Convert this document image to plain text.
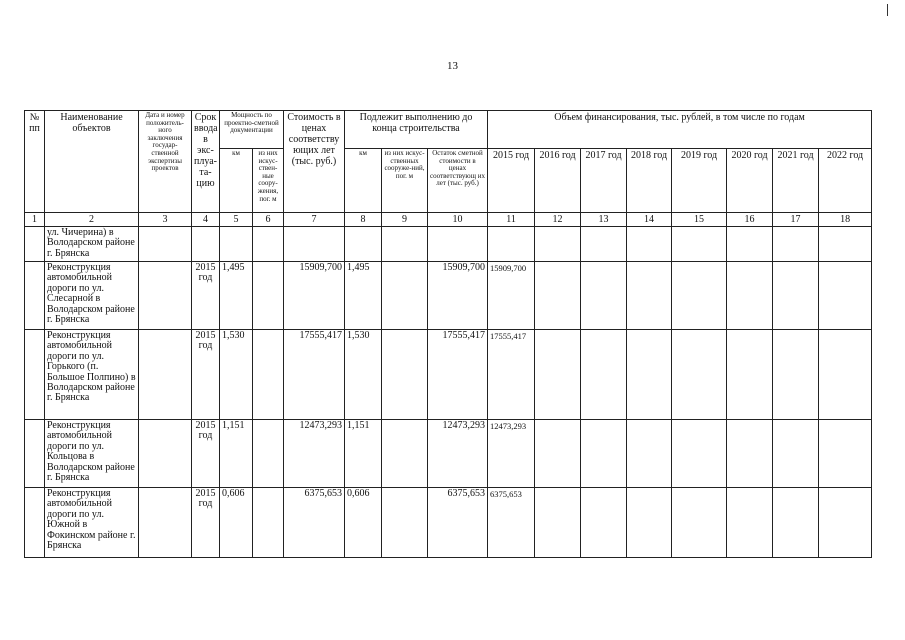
13
№ пп	Наименование объектов	Дата и номер положитель-ного заключения государ-ственной экспертизы проектов	Срок ввода в экс-плуа-та-цию	Мощность по проектно-сметной документации		Стоимость в ценах соответству ющих лет (тыс. руб.)	Подлежит выполнению до конца строительства			Объем финансирования, тыс. рублей, в том числе по годам							
				км	из них искус-ствен-ные соору-жения, пог. м		км	из них искус-ственных сооруже-ний, пог. м	Остаток сметной стоимости в ценах соответствующ их лет (тыс. руб.)	2015 год	2016 год	2017 год	2018 год	2019 год	2020 год	2021 год	2022 год
1	2	3	4	5	6	7	8	9	10	11	12	13	14	15	16	17	18
	ул. Чичерина) в Володарском районе г. Брянска																
	Реконструкция автомобильной дороги по ул. Слесарной в Володарском районе г. Брянска		2015 год	1,495		15909,700	1,495		15909,700	15909,700							
	Реконструкция автомобильной дороги по ул. Горького (п. Большое Полпино) в Володарском районе г. Брянска		2015 год	1,530		17555,417	1,530		17555,417	17555,417							
	Реконструкция автомобильной дороги по ул. Кольцова в Володарском районе г. Брянска		2015 год	1,151		12473,293	1,151		12473,293	12473,293							
	Реконструкция автомобильной дороги по ул. Южной в Фокинском районе г. Брянска		2015 год	0,606		6375,653	0,606		6375,653	6375,653							
